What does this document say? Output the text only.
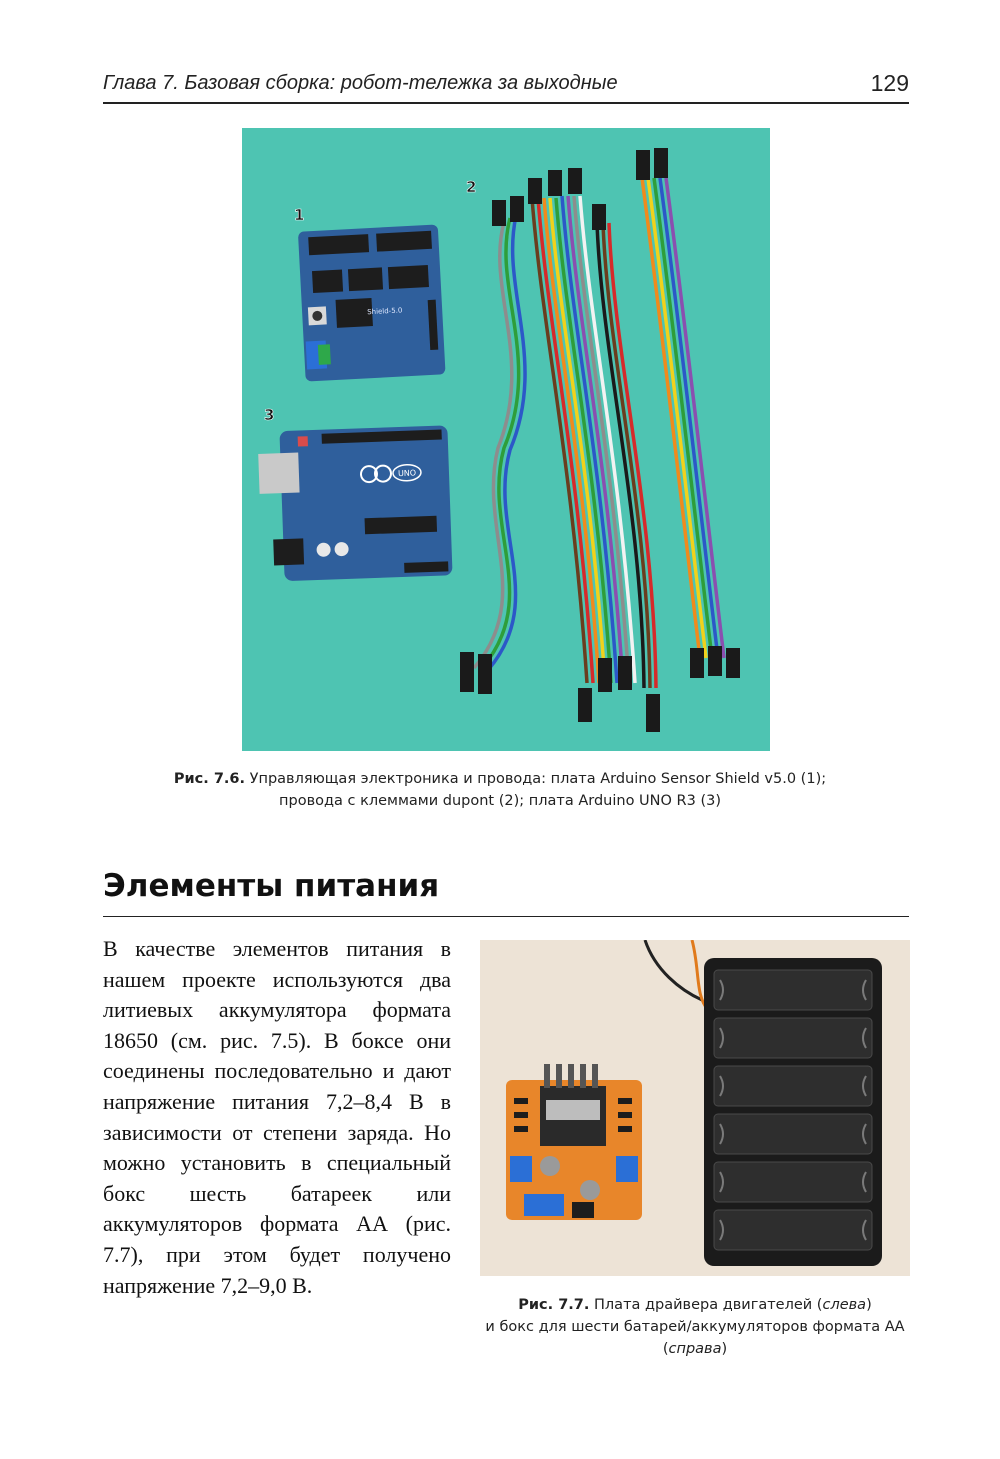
Глава 7. Базовая сборка: робот-тележка за выходные	129
Shield-5.0
UNO
1
2
3
Рис. 7.6. Управляющая электроника и провода: плата Arduino Sensor Shield v5.0 (1);
провода с клеммами dupont (2); плата Arduino UNO R3 (3)
Элементы питания
В качестве элементов питания в нашем проекте используются два литиевых аккумулятора формата 18650 (см. рис. 7.5). В боксе они соединены последовательно и дают напряжение питания 7,2–8,4 В в зависимости от степени заряда. Но можно установить в специальный бокс шесть батареек или аккумуляторов формата АА (рис. 7.7), при этом будет получено напряжение 7,2–9,0 В.
Рис. 7.7. Плата драйвера двигателей (слева)
и бокс для шести батарей/аккумуляторов формата АА
(справа)
